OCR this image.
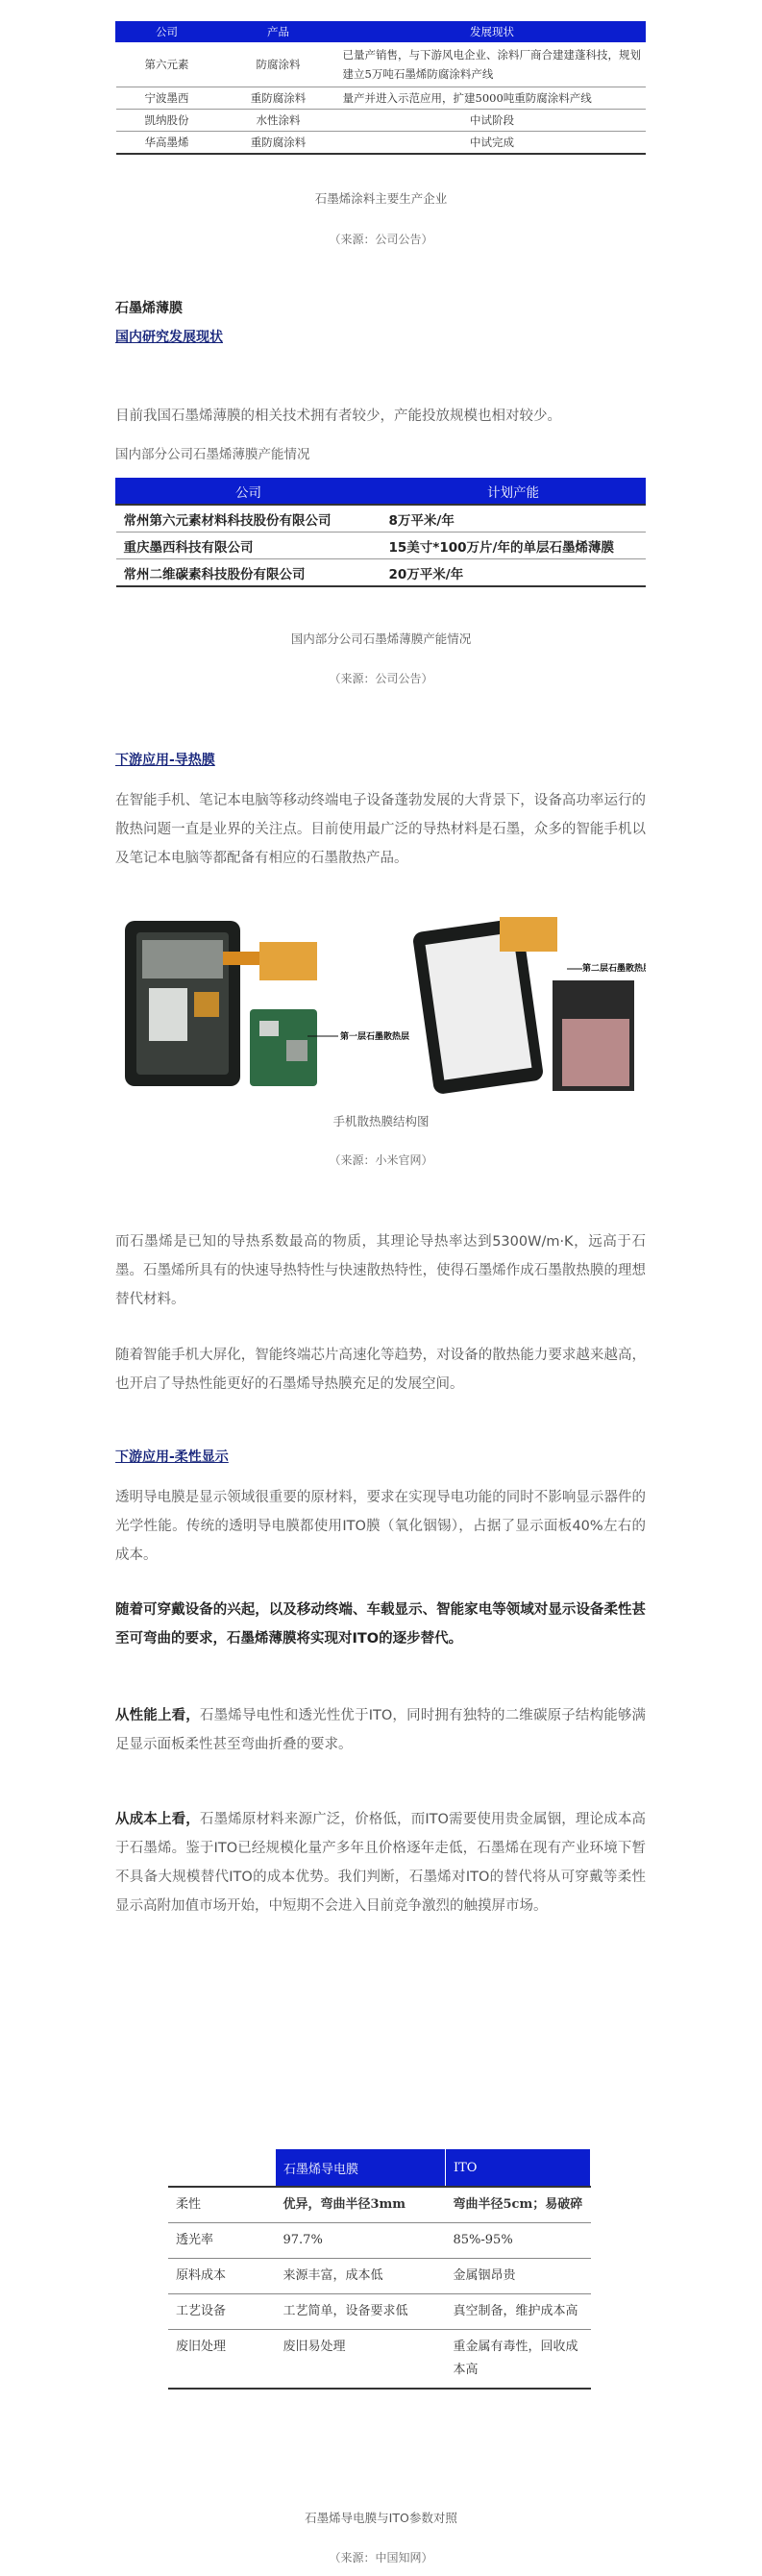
公司	产品	发展现状
第六元素	防腐涂料	已量产销售，与下游风电企业、涂料厂商合建建蓬科技，规划建立5万吨石墨烯防腐涂料产线
宁波墨西	重防腐涂料	量产并进入示范应用，扩建5000吨重防腐涂料产线
凯纳股份	水性涂料	中试阶段
华高墨烯	重防腐涂料	中试完成
石墨烯涂料主要生产企业
（来源：公司公告）
石墨烯薄膜
国内研究发展现状
目前我国石墨烯薄膜的相关技术拥有者较少，产能投放规模也相对较少。
国内部分公司石墨烯薄膜产能情况
公司	计划产能
常州第六元素材料科技股份有限公司	8万平米/年
重庆墨西科技有限公司	15美寸*100万片/年的单层石墨烯薄膜
常州二维碳素科技股份有限公司	20万平米/年
国内部分公司石墨烯薄膜产能情况
（来源：公司公告）
下游应用-导热膜
在智能手机、笔记本电脑等移动终端电子设备蓬勃发展的大背景下，设备高功率运行的散热问题一直是业界的关注点。目前使用最广泛的导热材料是石墨，众多的智能手机以及笔记本电脑等都配备有相应的石墨散热产品。
第一层石墨散热层
第二层石墨散热层
手机散热膜结构图
（来源：小米官网）
而石墨烯是已知的导热系数最高的物质，其理论导热率达到5300W/m·K，远高于石墨。石墨烯所具有的快速导热特性与快速散热特性，使得石墨烯作成石墨散热膜的理想替代材料。
随着智能手机大屏化，智能终端芯片高速化等趋势，对设备的散热能力要求越来越高，也开启了导热性能更好的石墨烯导热膜充足的发展空间。
下游应用-柔性显示
透明导电膜是显示领域很重要的原材料，要求在实现导电功能的同时不影响显示器件的光学性能。传统的透明导电膜都使用ITO膜（氧化铟锡），占据了显示面板40%左右的成本。
随着可穿戴设备的兴起，以及移动终端、车载显示、智能家电等领域对显示设备柔性甚至可弯曲的要求，石墨烯薄膜将实现对ITO的逐步替代。
从性能上看，石墨烯导电性和透光性优于ITO，同时拥有独特的二维碳原子结构能够满足显示面板柔性甚至弯曲折叠的要求。
从成本上看，石墨烯原材料来源广泛，价格低，而ITO需要使用贵金属铟，理论成本高于石墨烯。鉴于ITO已经规模化量产多年且价格逐年走低，石墨烯在现有产业环境下暂不具备大规模替代ITO的成本优势。我们判断，石墨烯对ITO的替代将从可穿戴等柔性显示高附加值市场开始，中短期不会进入目前竞争激烈的触摸屏市场。
	石墨烯导电膜	ITO
柔性	优异，弯曲半径3mm	弯曲半径5cm；易破碎
透光率	97.7%	85%-95%
原料成本	来源丰富，成本低	金属铟昂贵
工艺设备	工艺简单，设备要求低	真空制备，维护成本高
废旧处理	废旧易处理	重金属有毒性，回收成本高
石墨烯导电膜与ITO参数对照
（来源：中国知网）
